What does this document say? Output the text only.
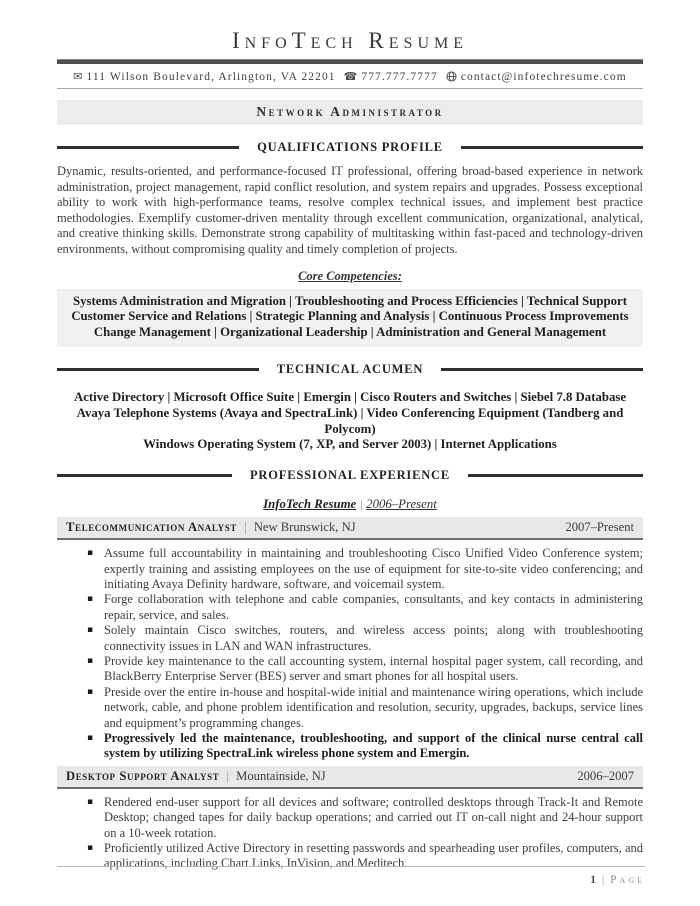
InfoTech Resume
✉ 111 Wilson Boulevard, Arlington, VA 22201 ☎ 777.777.7777 contact@infotechresume.com
Network Administrator
QUALIFICATIONS PROFILE
Dynamic, results-oriented, and performance-focused IT professional, offering broad-based experience in network administration, project management, rapid conflict resolution, and system repairs and upgrades. Possess exceptional ability to work with high-performance teams, resolve complex technical issues, and implement best practice methodologies. Exemplify customer-driven mentality through excellent communication, organizational, analytical, and creative thinking skills. Demonstrate strong capability of multitasking within fast-paced and technology-driven environments, without compromising quality and timely completion of projects.
Core Competencies:
Systems Administration and Migration | Troubleshooting and Process Efficiencies | Technical Support
Customer Service and Relations | Strategic Planning and Analysis | Continuous Process Improvements
Change Management | Organizational Leadership | Administration and General Management
TECHNICAL ACUMEN
Active Directory | Microsoft Office Suite | Emergin | Cisco Routers and Switches | Siebel 7.8 Database
Avaya Telephone Systems (Avaya and SpectraLink) | Video Conferencing Equipment (Tandberg and Polycom)
Windows Operating System (7, XP, and Server 2003) | Internet Applications
PROFESSIONAL EXPERIENCE
InfoTech Resume | 2006–Present
Telecommunication Analyst | New Brunswick, NJ	2007–Present
▪ Assume full accountability in maintaining and troubleshooting Cisco Unified Video Conference system; expertly training and assisting employees on the use of equipment for site-to-site video conferencing; and initiating Avaya Definity hardware, software, and voicemail system.
▪ Forge collaboration with telephone and cable companies, consultants, and key contacts in administering repair, service, and sales.
▪ Solely maintain Cisco switches, routers, and wireless access points; along with troubleshooting connectivity issues in LAN and WAN infrastructures.
▪ Provide key maintenance to the call accounting system, internal hospital pager system, call recording, and BlackBerry Enterprise Server (BES) server and smart phones for all hospital users.
▪ Preside over the entire in-house and hospital-wide initial and maintenance wiring operations, which include network, cable, and phone problem identification and resolution, security, upgrades, backups, service lines and equipment’s programming changes.
▪ Progressively led the maintenance, troubleshooting, and support of the clinical nurse central call system by utilizing SpectraLink wireless phone system and Emergin.
Desktop Support Analyst | Mountainside, NJ	2006–2007
▪ Rendered end-user support for all devices and software; controlled desktops through Track-It and Remote Desktop; changed tapes for daily backup operations; and carried out IT on-call night and 24-hour support on a 10-week rotation.
▪ Proficiently utilized Active Directory in resetting passwords and spearheading user profiles, computers, and applications, including Chart Links, InVision, and Meditech.
1 | Page
